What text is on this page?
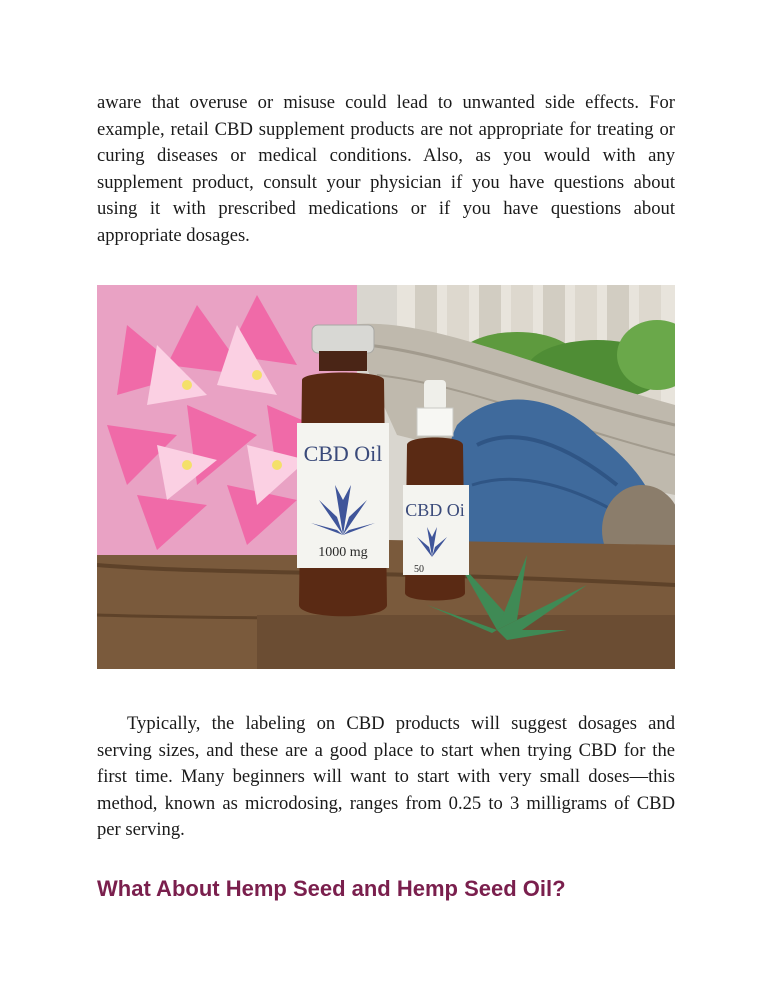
aware that overuse or misuse could lead to unwanted side effects. For example, retail CBD supplement products are not appropriate for treating or curing diseases or medical conditions. Also, as you would with any supplement product, consult your physician if you have questions about using it with prescribed medications or if you have questions about appropriate dosages.

CBD Oil
1000 mg
CBD Oi
50

Typically, the labeling on CBD products will suggest dosages and serving sizes, and these are a good place to start when trying CBD for the first time. Many beginners will want to start with very small doses—this method, known as microdosing, ranges from 0.25 to 3 milligrams of CBD per serving.

What About Hemp Seed and Hemp Seed Oil?
